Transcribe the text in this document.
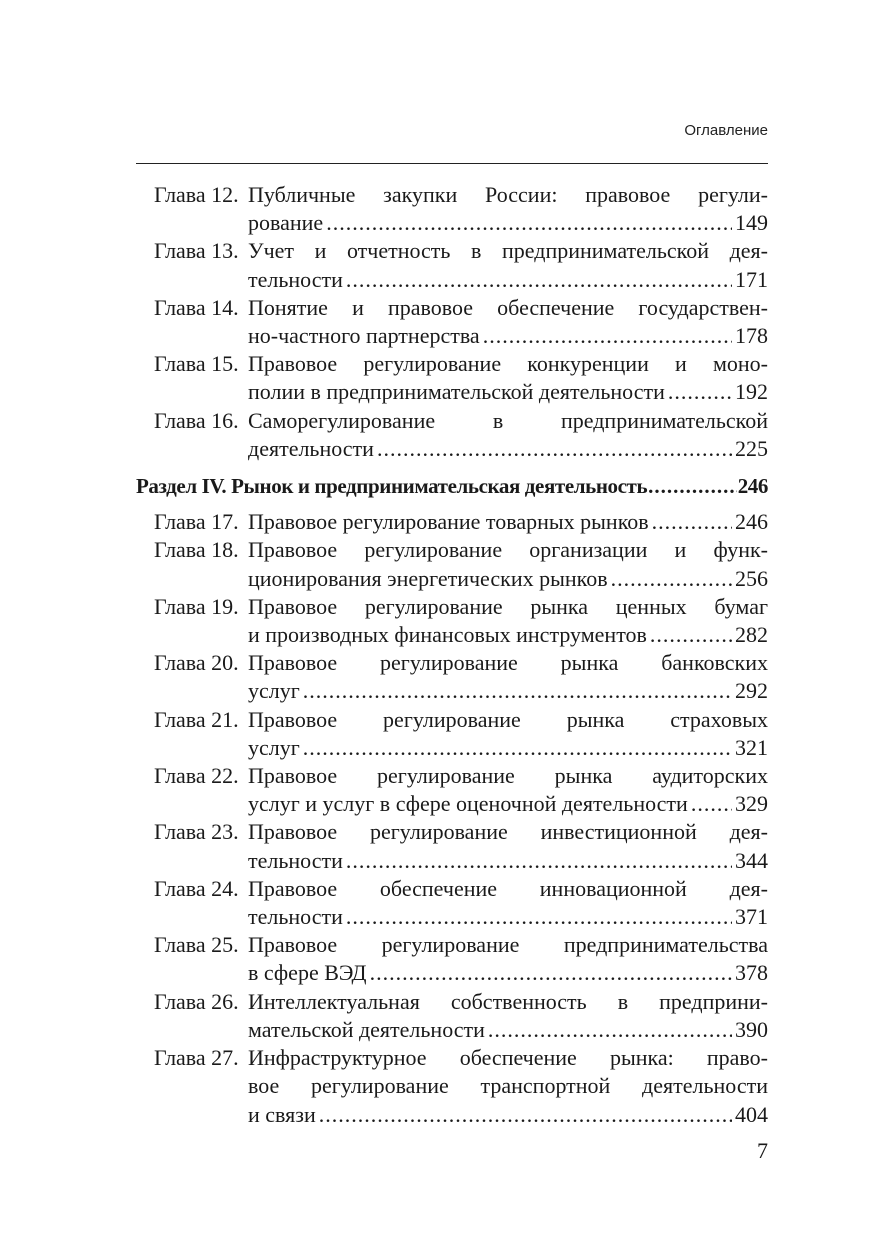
Оглавление
Глава 12. Публичные закупки России: правовое регули-
рование .....	149
Глава 13. Учет и отчетность в предпринимательской дея-
тельности .....	171
Глава 14. Понятие и правовое обеспечение государствен-
но-частного партнерства .....	178
Глава 15. Правовое регулирование конкуренции и моно-
полии в предпринимательской деятельности .....	192
Глава 16. Саморегулирование в предпринимательской
деятельности .....	225
Раздел IV. Рынок и предпринимательская деятельность .....	246
Глава 17. Правовое регулирование товарных рынков .....	246
Глава 18. Правовое регулирование организации и функ-
ционирования энергетических рынков .....	256
Глава 19. Правовое регулирование рынка ценных бумаг
и производных финансовых инструментов .....	282
Глава 20. Правовое регулирование рынка банковских
услуг .....	292
Глава 21. Правовое регулирование рынка страховых
услуг .....	321
Глава 22. Правовое регулирование рынка аудиторских
услуг и услуг в сфере оценочной деятельности ..... 329
Глава 23. Правовое регулирование инвестиционной дея-
тельности .....	344
Глава 24. Правовое обеспечение инновационной дея-
тельности .....	371
Глава 25. Правовое регулирование предпринимательства
в сфере ВЭД .....	378
Глава 26. Интеллектуальная собственность в предприни-
мательской деятельности .....	390
Глава 27. Инфраструктурное обеспечение рынка: право-
вое регулирование транспортной деятельности
и связи .....	404
7
